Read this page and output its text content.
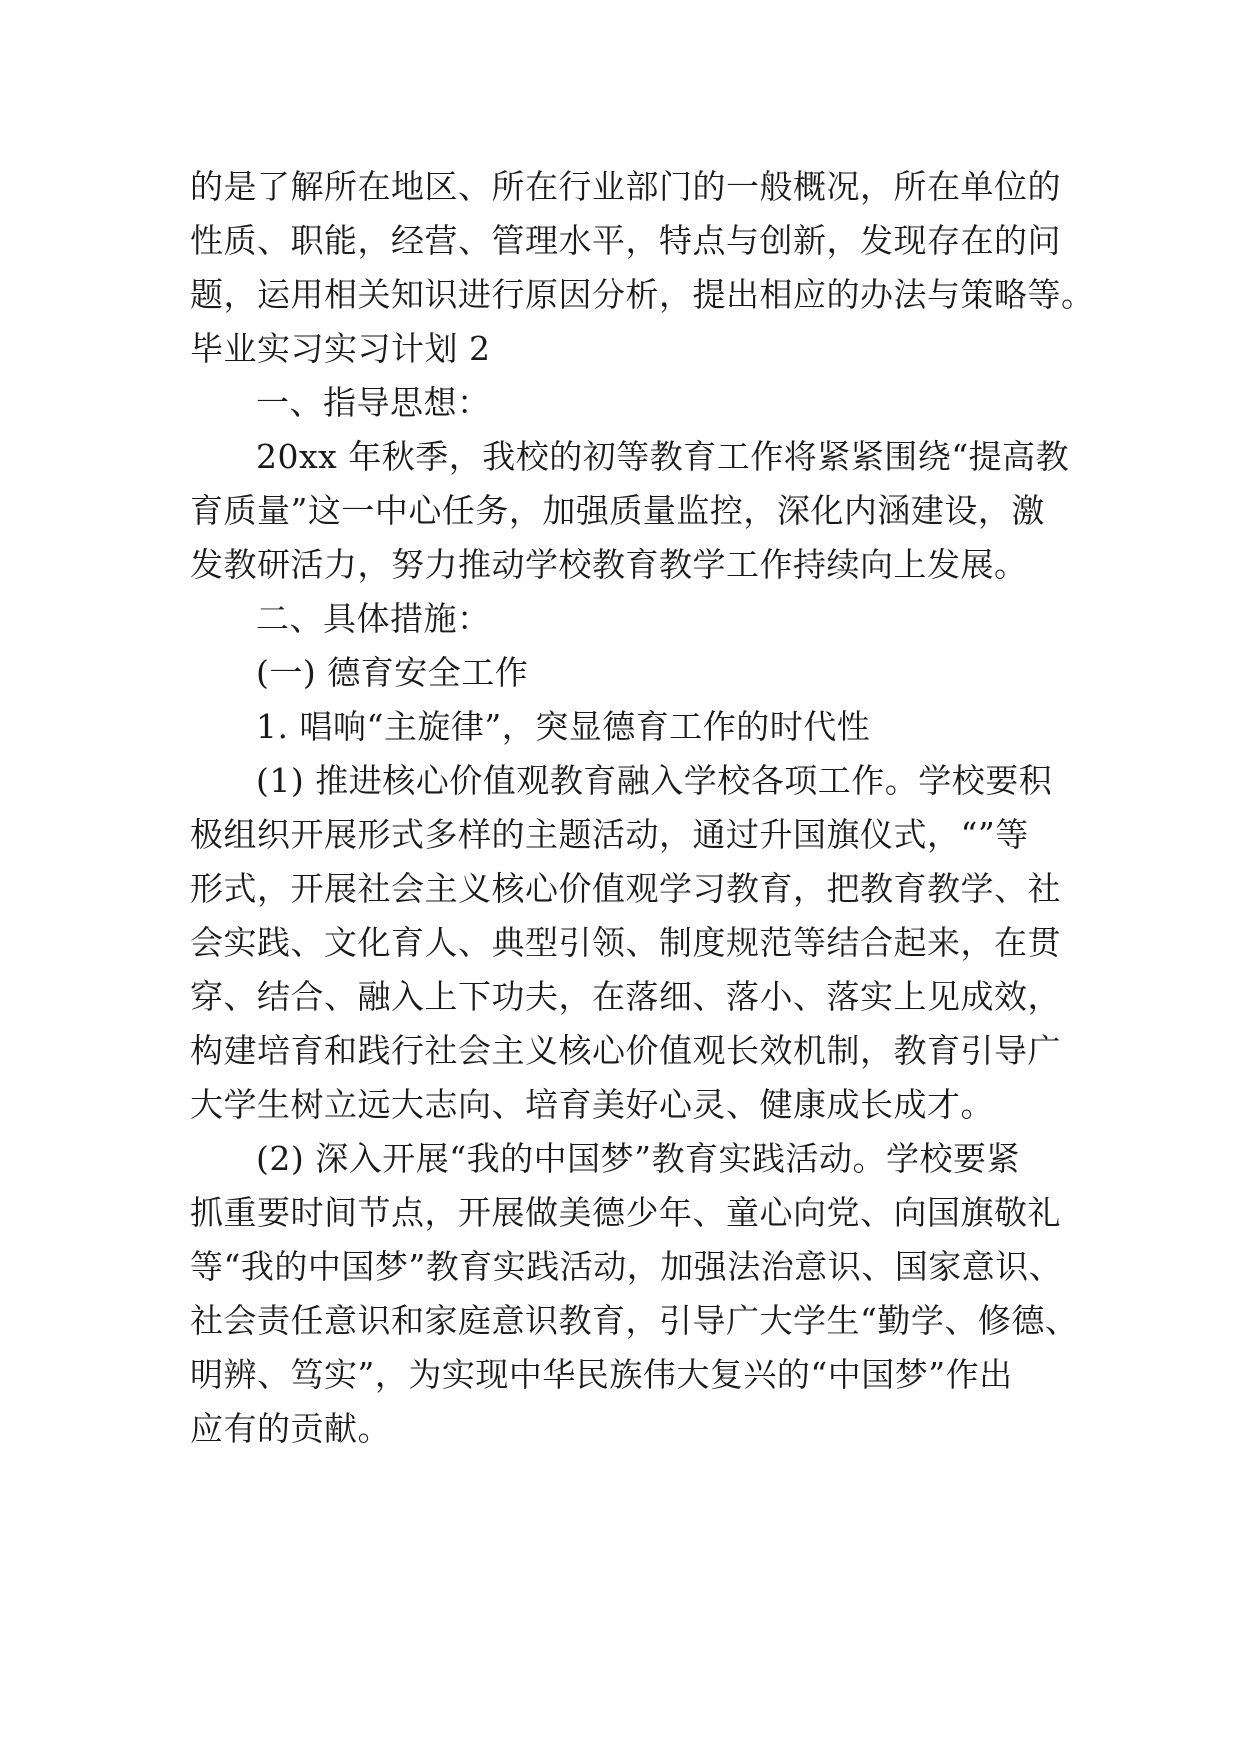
的是了解所在地区、所在行业部门的一般概况，所在单位的
性质、职能，经营、管理水平，特点与创新，发现存在的问
题，运用相关知识进行原因分析，提出相应的办法与策略等。
毕业实习实习计划 2
一、指导思想：
20xx 年秋季，我校的初等教育工作将紧紧围绕“提高教
育质量”这一中心任务，加强质量监控，深化内涵建设，激
发教研活力，努力推动学校教育教学工作持续向上发展。
二、具体措施：
(一) 德育安全工作
1. 唱响“主旋律”，突显德育工作的时代性
(1) 推进核心价值观教育融入学校各项工作。学校要积
极组织开展形式多样的主题活动，通过升国旗仪式，“”等
形式，开展社会主义核心价值观学习教育，把教育教学、社
会实践、文化育人、典型引领、制度规范等结合起来，在贯
穿、结合、融入上下功夫，在落细、落小、落实上见成效，
构建培育和践行社会主义核心价值观长效机制，教育引导广
大学生树立远大志向、培育美好心灵、健康成长成才。
(2) 深入开展“我的中国梦”教育实践活动。学校要紧
抓重要时间节点，开展做美德少年、童心向党、向国旗敬礼
等“我的中国梦”教育实践活动，加强法治意识、国家意识、
社会责任意识和家庭意识教育，引导广大学生“勤学、修德、
明辨、笃实”，为实现中华民族伟大复兴的“中国梦”作出
应有的贡献。
